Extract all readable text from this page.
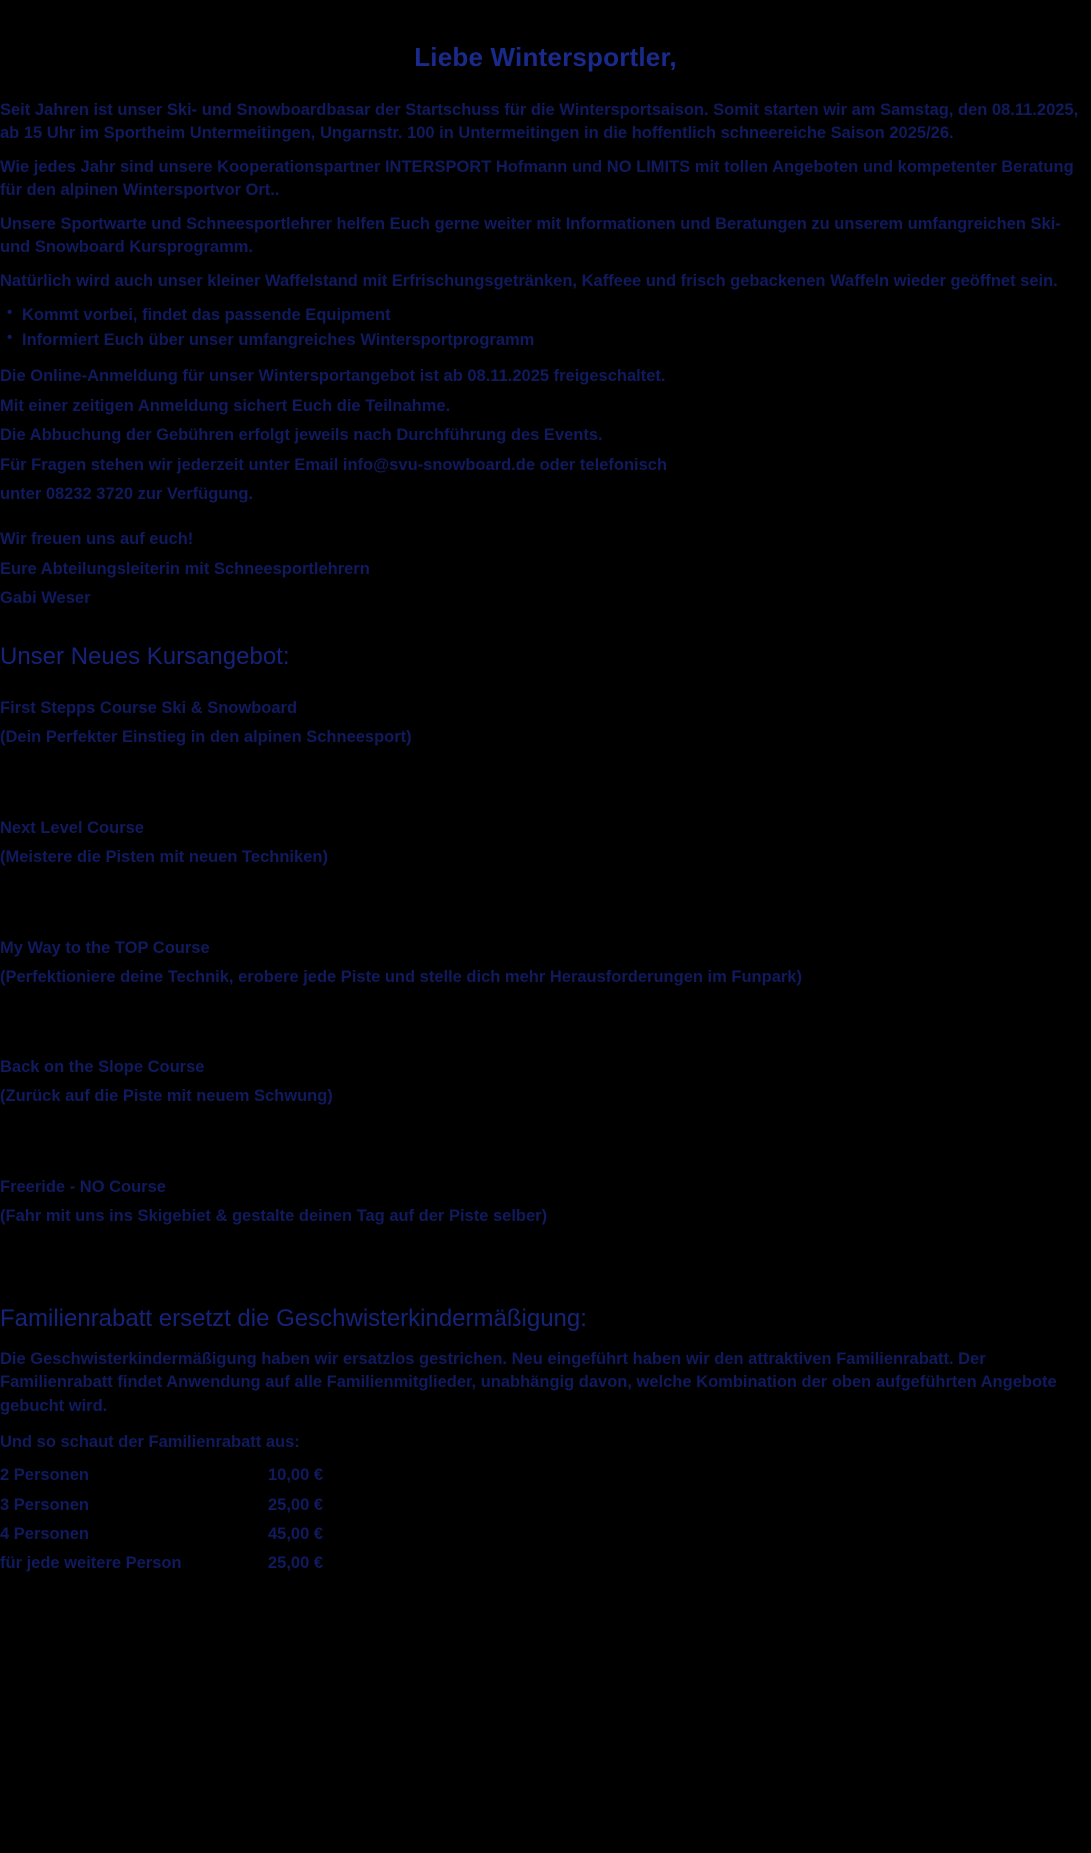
Liebe Wintersportler,

Seit Jahren ist unser Ski- und Snowboardbasar der Startschuss für die Wintersportsaison. Somit starten wir am Samstag, den 08.11.2025, ab 15 Uhr im Sportheim Untermeitingen, Ungarnstr. 100 in Untermeitingen in die hoffentlich schneereiche Saison 2025/26.

Wie jedes Jahr sind unsere Kooperationspartner INTERSPORT Hofmann und NO LIMITS mit tollen Angeboten und kompetenter Beratung für den alpinen Wintersportvor Ort..

Unsere Sportwarte und Schneesportlehrer helfen Euch gerne weiter mit Informationen und Beratungen zu unserem umfangreichen Ski- und Snowboard Kursprogramm.

Natürlich wird auch unser kleiner Waffelstand mit Erfrischungsgetränken, Kaffeee und frisch gebackenen Waffeln wieder geöffnet sein.

• Kommt vorbei, findet das passende Equipment
• Informiert Euch über unser umfangreiches Wintersportprogramm

Die Online-Anmeldung für unser Wintersportangebot ist ab 08.11.2025 freigeschaltet.

Mit einer zeitigen Anmeldung sichert Euch die Teilnahme.

Die Abbuchung der Gebühren erfolgt jeweils nach Durchführung des Events.

Für Fragen stehen wir jederzeit unter Email info@svu-snowboard.de oder telefonisch

unter 08232 3720 zur Verfügung.

Wir freuen uns auf euch!

Eure Abteilungsleiterin mit Schneesportlehrern

Gabi Weser

Unser Neues Kursangebot:

First Stepps Course Ski & Snowboard

(Dein Perfekter Einstieg in den alpinen Schneesport)

Next Level Course

(Meistere die Pisten mit neuen Techniken)

My Way to the TOP Course

(Perfektioniere deine Technik, erobere jede Piste und stelle dich mehr Herausforderungen im Funpark)

Back on the Slope Course

(Zurück auf die Piste mit neuem Schwung)

Freeride - NO Course

(Fahr mit uns ins Skigebiet & gestalte deinen Tag auf der Piste selber)

Familienrabatt ersetzt die Geschwisterkindermäßigung:

Die Geschwisterkindermäßigung haben wir ersatzlos gestrichen. Neu eingeführt haben wir den attraktiven Familienrabatt. Der Familienrabatt findet Anwendung auf alle Familienmitglieder, unabhängig davon, welche Kombination der oben aufgeführten Angebote gebucht wird.

Und so schaut der Familienrabatt aus:

2 Personen	10,00 €
3 Personen	25,00 €
4 Personen	45,00 €
für jede weitere Person	25,00 €
